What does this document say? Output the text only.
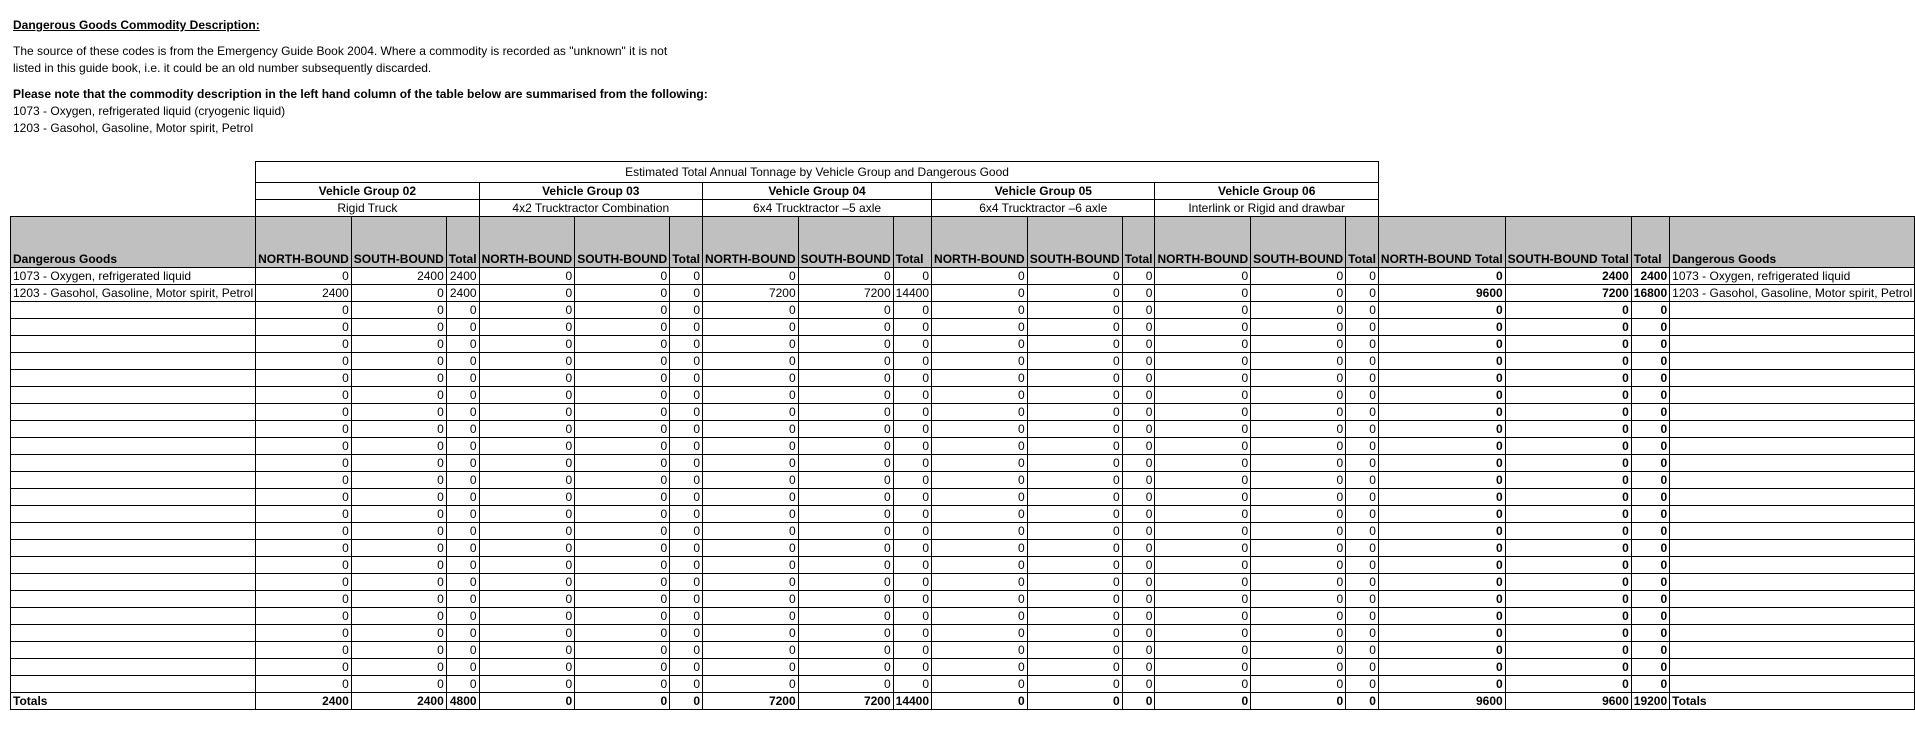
Dangerous Goods Commodity Description:
The source of these codes is from the Emergency Guide Book 2004. Where a commodity is recorded as "unknown" it is not
listed in this guide book, i.e. it could be an old number subsequently discarded.
Please note that the commodity description in the left hand column of the table below are summarised from the following:
1073 - Oxygen, refrigerated liquid (cryogenic liquid)
1203 - Gasohol, Gasoline, Motor spirit, Petrol
	Estimated Total Annual Tonnage by Vehicle Group and Dangerous Good																		
	Vehicle Group 02			Vehicle Group 03			Vehicle Group 04			Vehicle Group 05			Vehicle Group 06						
	Rigid Truck			4x2 Trucktractor Combination			6x4 Trucktractor –5 axle			6x4 Trucktractor –6 axle			Interlink or Rigid and drawbar						
Dangerous Goods	NORTH-BOUND	SOUTH-BOUND	Total	NORTH-BOUND	SOUTH-BOUND	Total	NORTH-BOUND	SOUTH-BOUND	Total	NORTH-BOUND	SOUTH-BOUND	Total	NORTH-BOUND	SOUTH-BOUND	Total	NORTH-BOUND Total	SOUTH-BOUND Total	Total	Dangerous Goods
1073 - Oxygen, refrigerated liquid	0	2400	2400	0	0	0	0	0	0	0	0	0	0	0	0	0	2400	2400	1073 - Oxygen, refrigerated liquid
1203 - Gasohol, Gasoline, Motor spirit, Petrol	2400	0	2400	0	0	0	7200	7200	14400	0	0	0	0	0	0	9600	7200	16800	1203 - Gasohol, Gasoline, Motor spirit, Petrol
	0	0	0	0	0	0	0	0	0	0	0	0	0	0	0	0	0	0	
	0	0	0	0	0	0	0	0	0	0	0	0	0	0	0	0	0	0	
	0	0	0	0	0	0	0	0	0	0	0	0	0	0	0	0	0	0	
	0	0	0	0	0	0	0	0	0	0	0	0	0	0	0	0	0	0	
	0	0	0	0	0	0	0	0	0	0	0	0	0	0	0	0	0	0	
	0	0	0	0	0	0	0	0	0	0	0	0	0	0	0	0	0	0	
	0	0	0	0	0	0	0	0	0	0	0	0	0	0	0	0	0	0	
	0	0	0	0	0	0	0	0	0	0	0	0	0	0	0	0	0	0	
	0	0	0	0	0	0	0	0	0	0	0	0	0	0	0	0	0	0	
	0	0	0	0	0	0	0	0	0	0	0	0	0	0	0	0	0	0	
	0	0	0	0	0	0	0	0	0	0	0	0	0	0	0	0	0	0	
	0	0	0	0	0	0	0	0	0	0	0	0	0	0	0	0	0	0	
	0	0	0	0	0	0	0	0	0	0	0	0	0	0	0	0	0	0	
	0	0	0	0	0	0	0	0	0	0	0	0	0	0	0	0	0	0	
	0	0	0	0	0	0	0	0	0	0	0	0	0	0	0	0	0	0	
	0	0	0	0	0	0	0	0	0	0	0	0	0	0	0	0	0	0	
	0	0	0	0	0	0	0	0	0	0	0	0	0	0	0	0	0	0	
	0	0	0	0	0	0	0	0	0	0	0	0	0	0	0	0	0	0	
	0	0	0	0	0	0	0	0	0	0	0	0	0	0	0	0	0	0	
	0	0	0	0	0	0	0	0	0	0	0	0	0	0	0	0	0	0	
	0	0	0	0	0	0	0	0	0	0	0	0	0	0	0	0	0	0	
	0	0	0	0	0	0	0	0	0	0	0	0	0	0	0	0	0	0	
	0	0	0	0	0	0	0	0	0	0	0	0	0	0	0	0	0	0	
Totals	2400	2400	4800	0	0	0	7200	7200	14400	0	0	0	0	0	0	9600	9600	19200	Totals
